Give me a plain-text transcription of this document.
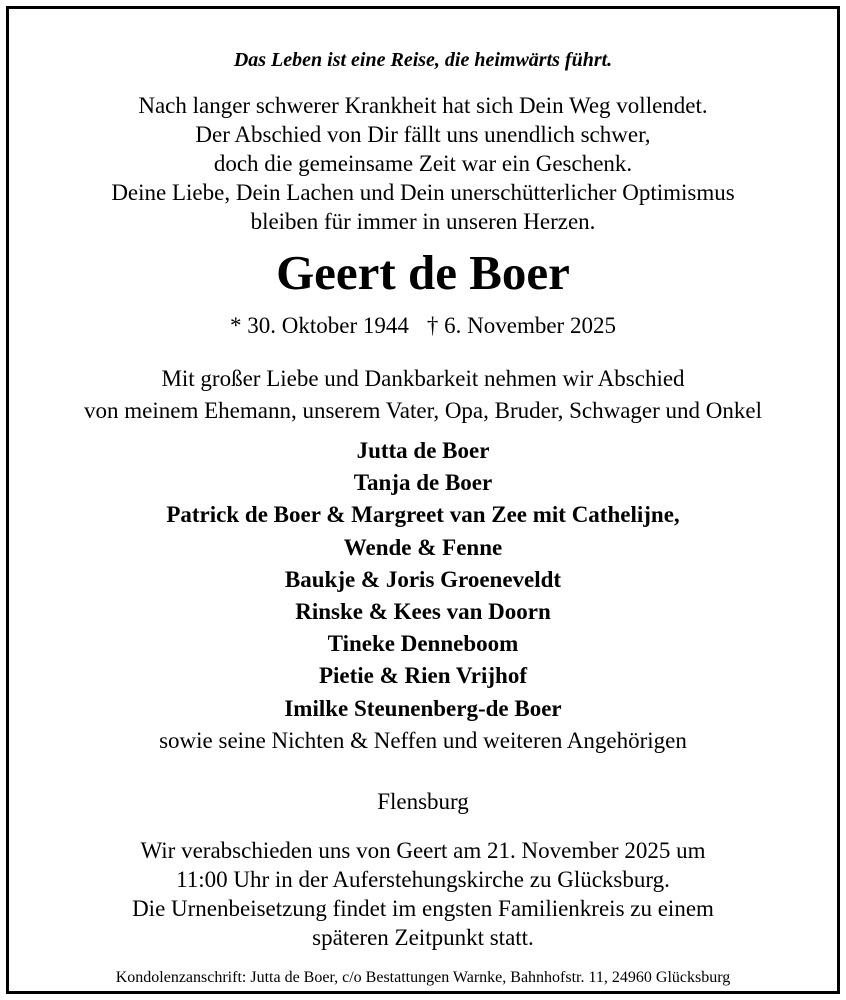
Das Leben ist eine Reise, die heimwärts führt.
Nach langer schwerer Krankheit hat sich Dein Weg vollendet.
Der Abschied von Dir fällt uns unendlich schwer,
doch die gemeinsame Zeit war ein Geschenk.
Deine Liebe, Dein Lachen und Dein unerschütterlicher Optimismus
bleiben für immer in unseren Herzen.
Geert de Boer
* 30. Oktober 1944 † 6. November 2025
Mit großer Liebe und Dankbarkeit nehmen wir Abschied
von meinem Ehemann, unserem Vater, Opa, Bruder, Schwager und Onkel
Jutta de Boer
Tanja de Boer
Patrick de Boer & Margreet van Zee mit Cathelijne,
Wende & Fenne
Baukje & Joris Groeneveldt
Rinske & Kees van Doorn
Tineke Denneboom
Pietie & Rien Vrijhof
Imilke Steunenberg-de Boer
sowie seine Nichten & Neffen und weiteren Angehörigen
Flensburg
Wir verabschieden uns von Geert am 21. November 2025 um
11:00 Uhr in der Auferstehungskirche zu Glücksburg.
Die Urnenbeisetzung findet im engsten Familienkreis zu einem
späteren Zeitpunkt statt.
Kondolenzanschrift: Jutta de Boer, c/o Bestattungen Warnke, Bahnhofstr. 11, 24960 Glücksburg
